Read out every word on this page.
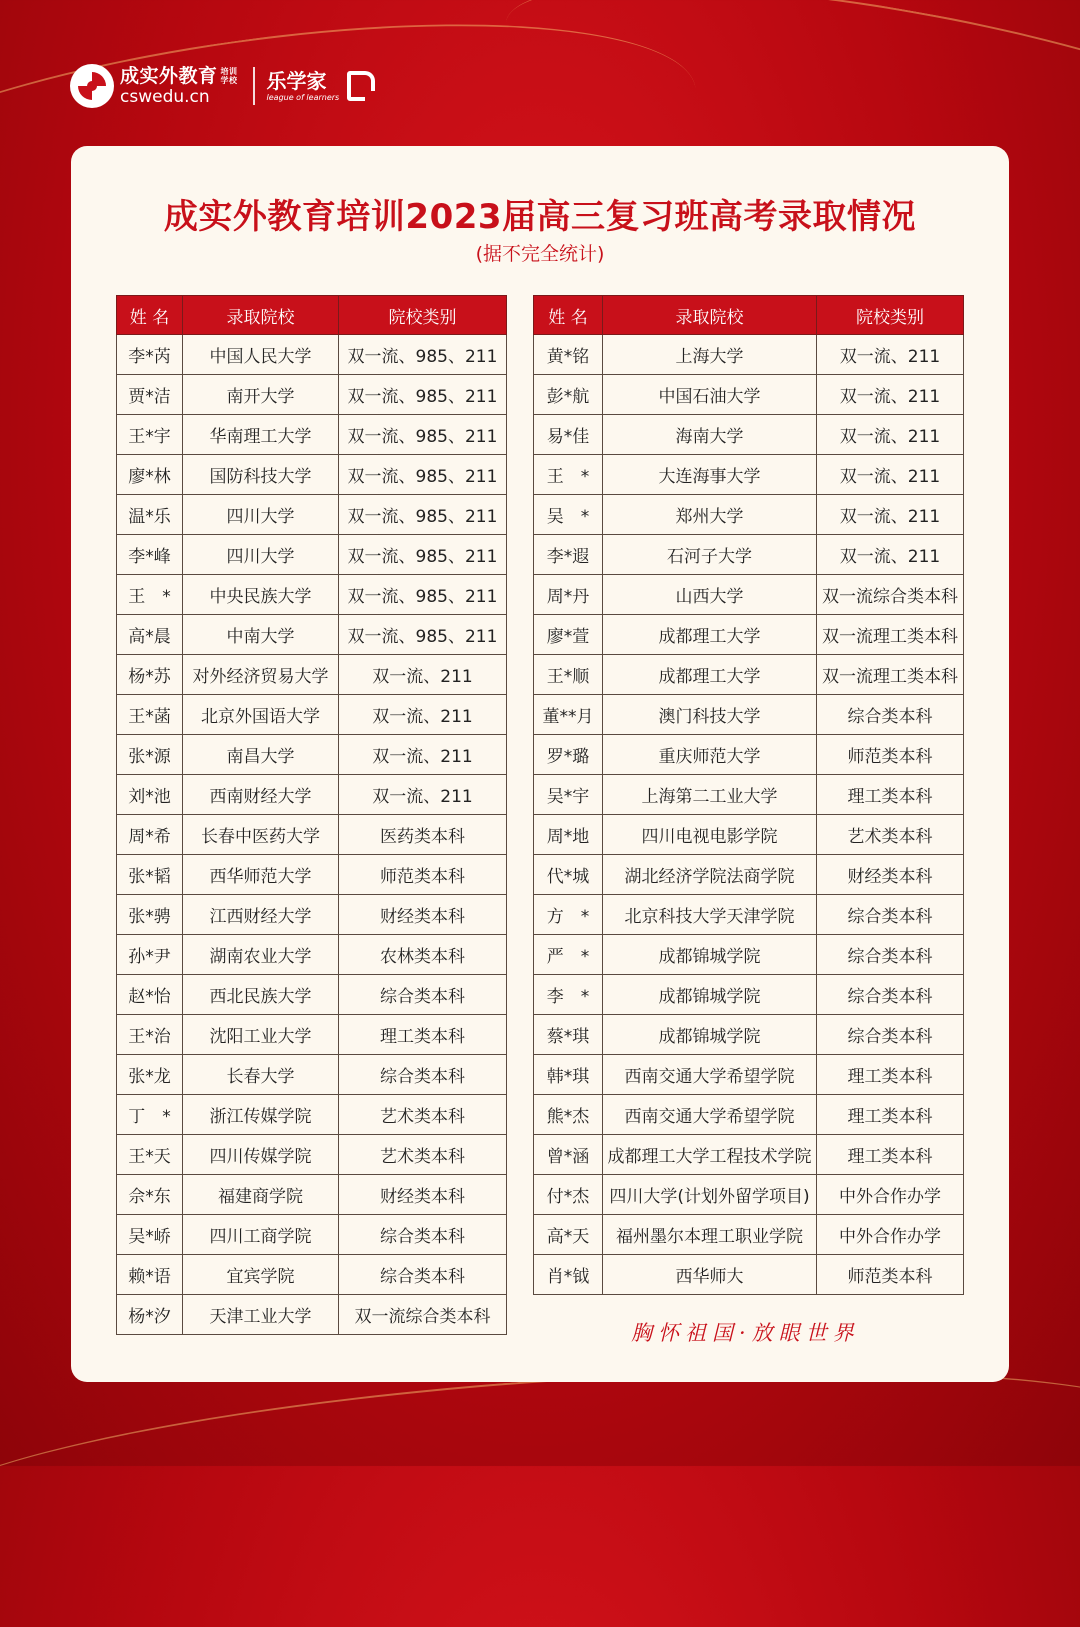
成实外教育 培训学校
cswedu.cn
乐学家
league of learners
成实外教育培训2023届高三复习班高考录取情况
(据不完全统计)
姓 名	录取院校	院校类别
李*芮	中国人民大学	双一流、985、211
贾*洁	南开大学	双一流、985、211
王*宇	华南理工大学	双一流、985、211
廖*林	国防科技大学	双一流、985、211
温*乐	四川大学	双一流、985、211
李*峰	四川大学	双一流、985、211
王　*	中央民族大学	双一流、985、211
高*晨	中南大学	双一流、985、211
杨*苏	对外经济贸易大学	双一流、211
王*菡	北京外国语大学	双一流、211
张*源	南昌大学	双一流、211
刘*池	西南财经大学	双一流、211
周*希	长春中医药大学	医药类本科
张*韬	西华师范大学	师范类本科
张*骋	江西财经大学	财经类本科
孙*尹	湖南农业大学	农林类本科
赵*怡	西北民族大学	综合类本科
王*治	沈阳工业大学	理工类本科
张*龙	长春大学	综合类本科
丁　*	浙江传媒学院	艺术类本科
王*天	四川传媒学院	艺术类本科
佘*东	福建商学院	财经类本科
吴*峤	四川工商学院	综合类本科
赖*语	宜宾学院	综合类本科
杨*汐	天津工业大学	双一流综合类本科
姓 名	录取院校	院校类别
黄*铭	上海大学	双一流、211
彭*航	中国石油大学	双一流、211
易*佳	海南大学	双一流、211
王　*	大连海事大学	双一流、211
吴　*	郑州大学	双一流、211
李*遐	石河子大学	双一流、211
周*丹	山西大学	双一流综合类本科
廖*萱	成都理工大学	双一流理工类本科
王*顺	成都理工大学	双一流理工类本科
董**月	澳门科技大学	综合类本科
罗*璐	重庆师范大学	师范类本科
吴*宇	上海第二工业大学	理工类本科
周*地	四川电视电影学院	艺术类本科
代*城	湖北经济学院法商学院	财经类本科
方　*	北京科技大学天津学院	综合类本科
严　*	成都锦城学院	综合类本科
李　*	成都锦城学院	综合类本科
蔡*琪	成都锦城学院	综合类本科
韩*琪	西南交通大学希望学院	理工类本科
熊*杰	西南交通大学希望学院	理工类本科
曾*涵	成都理工大学工程技术学院	理工类本科
付*杰	四川大学(计划外留学项目)	中外合作办学
高*天	福州墨尔本理工职业学院	中外合作办学
肖*钺	西华师大	师范类本科
胸怀祖国·放眼世界
